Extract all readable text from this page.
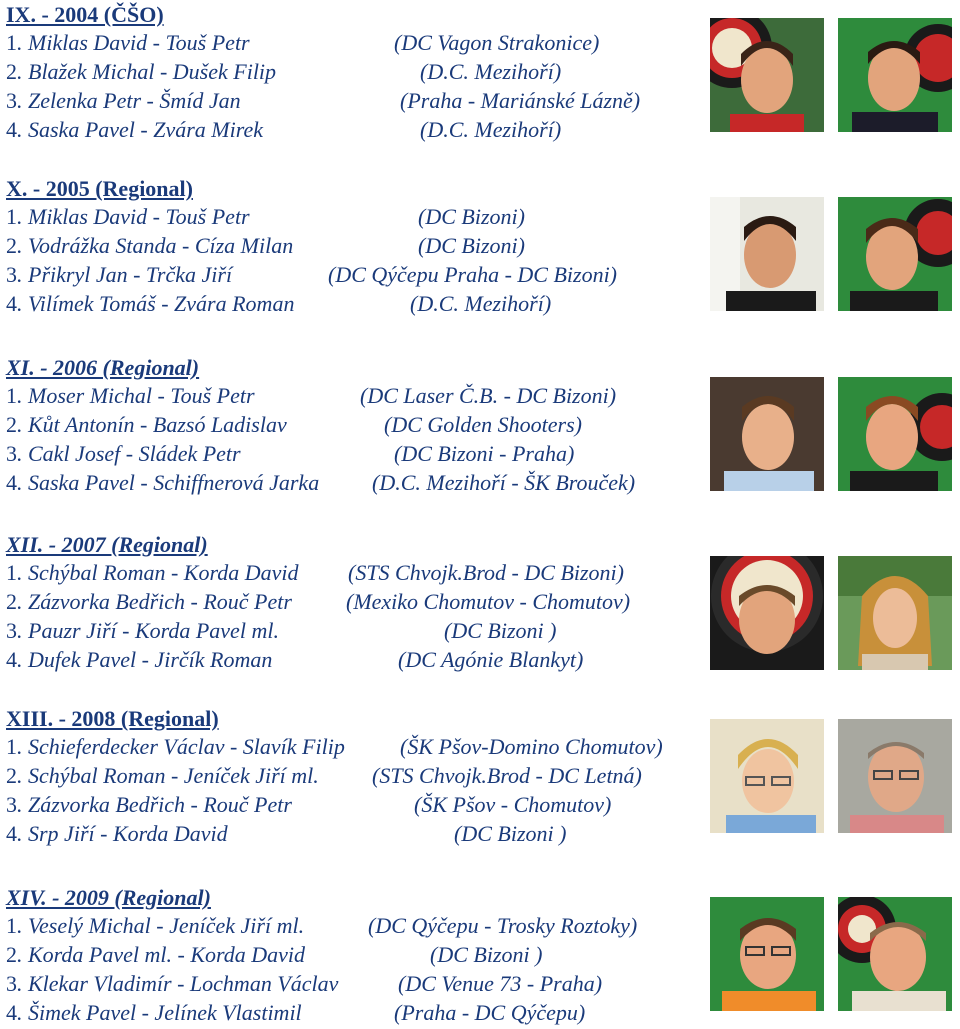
IX. - 2004 (ČŠO)
1. Miklas David - Touš Petr	(DC Vagon Strakonice)
2. Blažek Michal - Dušek Filip	(D.C. Mezihoří)
3. Zelenka Petr - Šmíd Jan	(Praha - Mariánské Lázně)
4. Saska Pavel - Zvára Mirek	(D.C. Mezihoří)
X. - 2005 (Regional)
1. Miklas David - Touš Petr	(DC Bizoni)
2. Vodrážka Standa - Cíza Milan	(DC Bizoni)
3. Přikryl Jan - Trčka Jiří	(DC Qýčepu Praha - DC Bizoni)
4. Vilímek Tomáš - Zvára Roman	(D.C. Mezihoří)
XI. - 2006 (Regional)
1. Moser Michal - Touš Petr	(DC Laser Č.B. - DC Bizoni)
2. Kůt Antonín - Bazsó Ladislav	(DC Golden Shooters)
3. Cakl Josef - Sládek Petr	(DC Bizoni - Praha)
4. Saska Pavel - Schiffnerová Jarka (D.C. Mezihoří - ŠK Brouček)
XII. - 2007 (Regional)
1. Schýbal Roman - Korda David (STS Chvojk.Brod - DC Bizoni)
2. Zázvorka Bedřich - Rouč Petr (Mexiko Chomutov - Chomutov)
3. Pauzr Jiří - Korda Pavel ml.	(DC Bizoni )
4. Dufek Pavel - Jirčík Roman	(DC Agónie Blankyt)
XIII. - 2008 (Regional)
1. Schieferdecker Václav - Slavík Filip	(ŠK Pšov-Domino Chomutov)
2. Schýbal Roman - Jeníček Jiří ml. (STS Chvojk.Brod - DC Letná)
3. Zázvorka Bedřich - Rouč Petr	(ŠK Pšov - Chomutov)
4. Srp Jiří - Korda David	(DC Bizoni )
XIV. - 2009 (Regional)
1. Veselý Michal - Jeníček Jiří ml.	(DC Qýčepu - Trosky Roztoky)
2. Korda Pavel ml. - Korda David	(DC Bizoni )
3. Klekar Vladimír - Lochman Václav	(DC Venue 73 - Praha)
4. Šimek Pavel - Jelínek Vlastimil	(Praha - DC Qýčepu)
